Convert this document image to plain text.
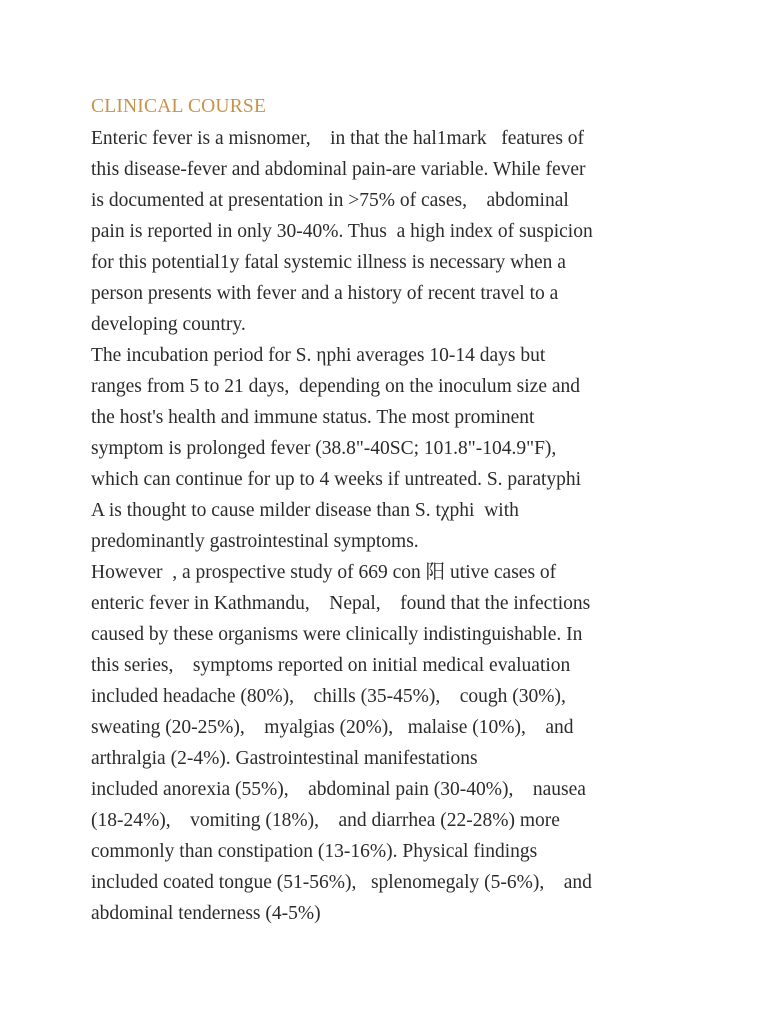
CLINICAL COURSE
Enteric fever is a misnomer,    in that the hal1mark   features of
this disease-fever and abdominal pain-are variable. While fever
is documented at presentation in >75% of cases,    abdominal
pain is reported in only 30-40%. Thus  a high index of suspicion
for this potential1y fatal systemic illness is necessary when a
person presents with fever and a history of recent travel to a
developing country.
The incubation period for S. ηphi averages 10-14 days but
ranges from 5 to 21 days,  depending on the inoculum size and
the host's health and immune status. The most prominent
symptom is prolonged fever (38.8"-40SC; 101.8"-104.9"F),
which can continue for up to 4 weeks if untreated. S. paratyphi
A is thought to cause milder disease than S. tχphi  with
predominantly gastrointestinal symptoms.
However  , a prospective study of 669 con 阳 utive cases of
enteric fever in Kathmandu,    Nepal,    found that the infections
caused by these organisms were clinically indistinguishable. In
this series,    symptoms reported on initial medical evaluation
included headache (80%),    chills (35-45%),    cough (30%),
sweating (20-25%),    myalgias (20%),   malaise (10%),    and
arthralgia (2-4%). Gastrointestinal manifestations
included anorexia (55%),    abdominal pain (30-40%),    nausea
(18-24%),    vomiting (18%),    and diarrhea (22-28%) more
commonly than constipation (13-16%). Physical findings
included coated tongue (51-56%),   splenomegaly (5-6%),    and
abdominal tenderness (4-5%)
